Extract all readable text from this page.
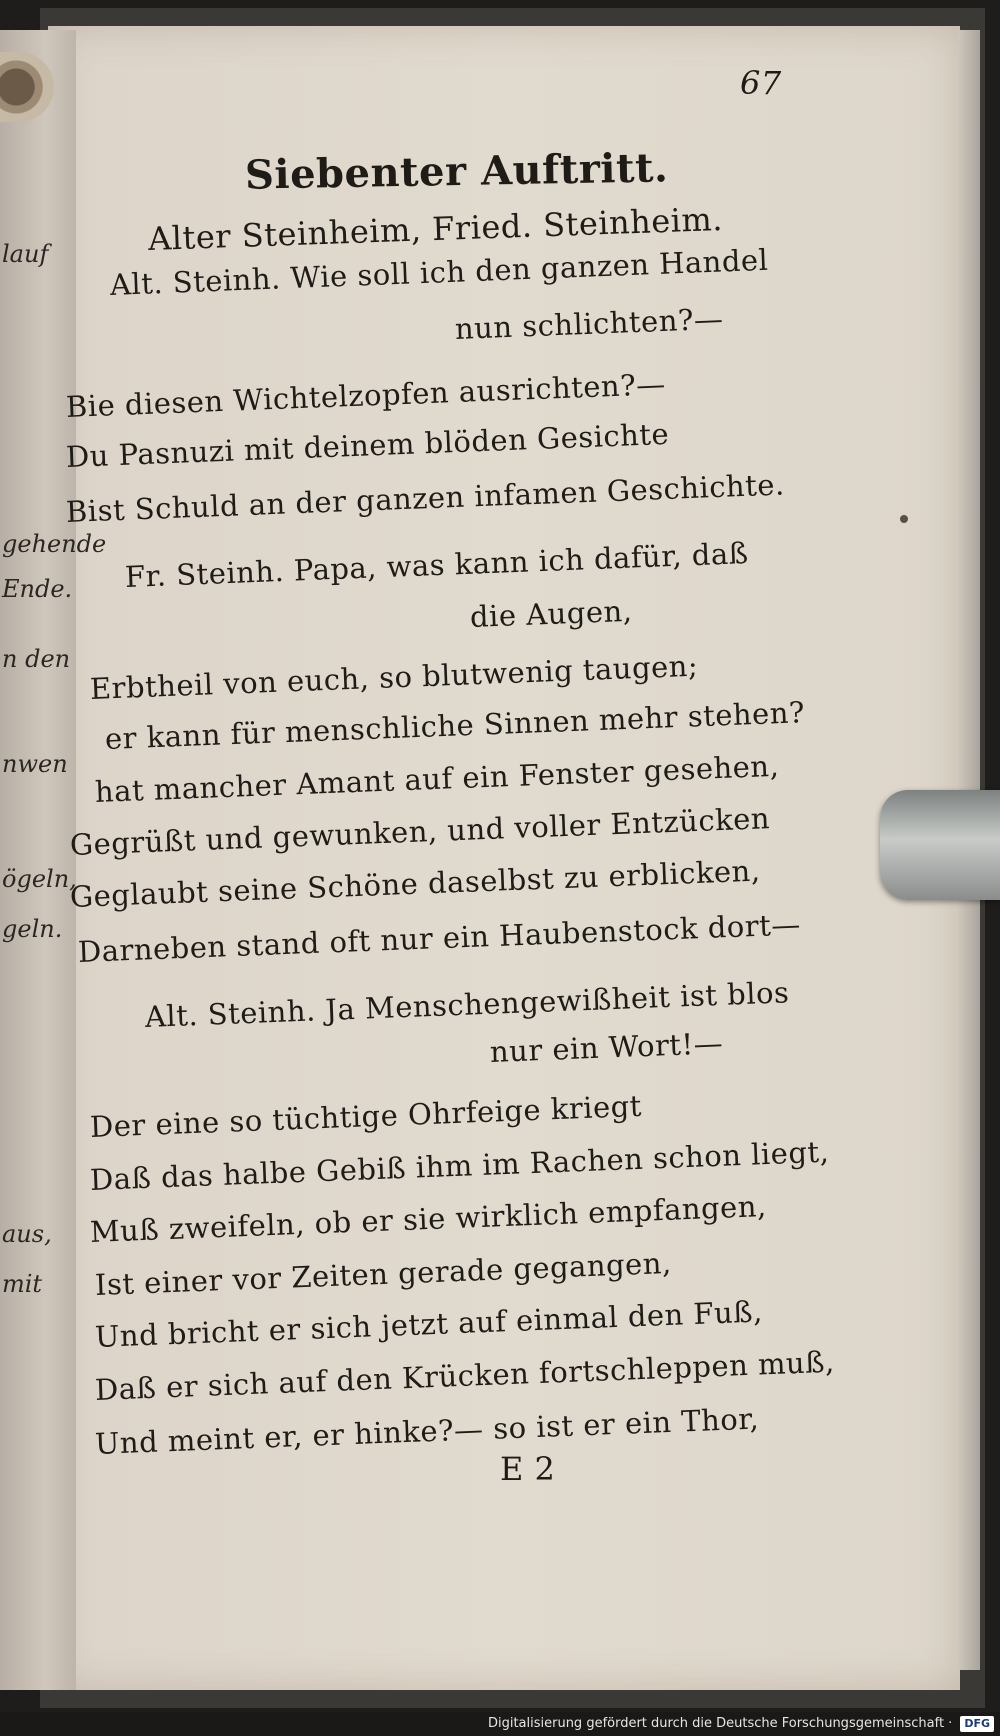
lauf
gehende
Ende.
n den
nwen
ögeln,
geln.
aus,
mit
67
Siebenter Auftritt.
Alter Steinheim, Fried. Steinheim.
Alt. Steinh. Wie soll ich den ganzen Handel
nun schlichten?—
Bie diesen Wichtelzopfen ausrichten?—
Du Pasnuzi mit deinem blöden Gesichte
Bist Schuld an der ganzen infamen Geschichte.
Fr. Steinh. Papa, was kann ich dafür, daß
die Augen,
Erbtheil von euch, so blutwenig taugen;
er kann für menschliche Sinnen mehr stehen?
hat mancher Amant auf ein Fenster gesehen,
Gegrüßt und gewunken, und voller Entzücken
Geglaubt seine Schöne daselbst zu erblicken,
Darneben stand oft nur ein Haubenstock dort—
Alt. Steinh. Ja Menschengewißheit ist blos
nur ein Wort!—
Der eine so tüchtige Ohrfeige kriegt
Daß das halbe Gebiß ihm im Rachen schon liegt,
Muß zweifeln, ob er sie wirklich empfangen,
Ist einer vor Zeiten gerade gegangen,
Und bricht er sich jetzt auf einmal den Fuß,
Daß er sich auf den Krücken fortschleppen muß,
Und meint er, er hinke?— so ist er ein Thor,
E 2
Digitalisierung gefördert durch die Deutsche Forschungsgemeinschaft · DFG
